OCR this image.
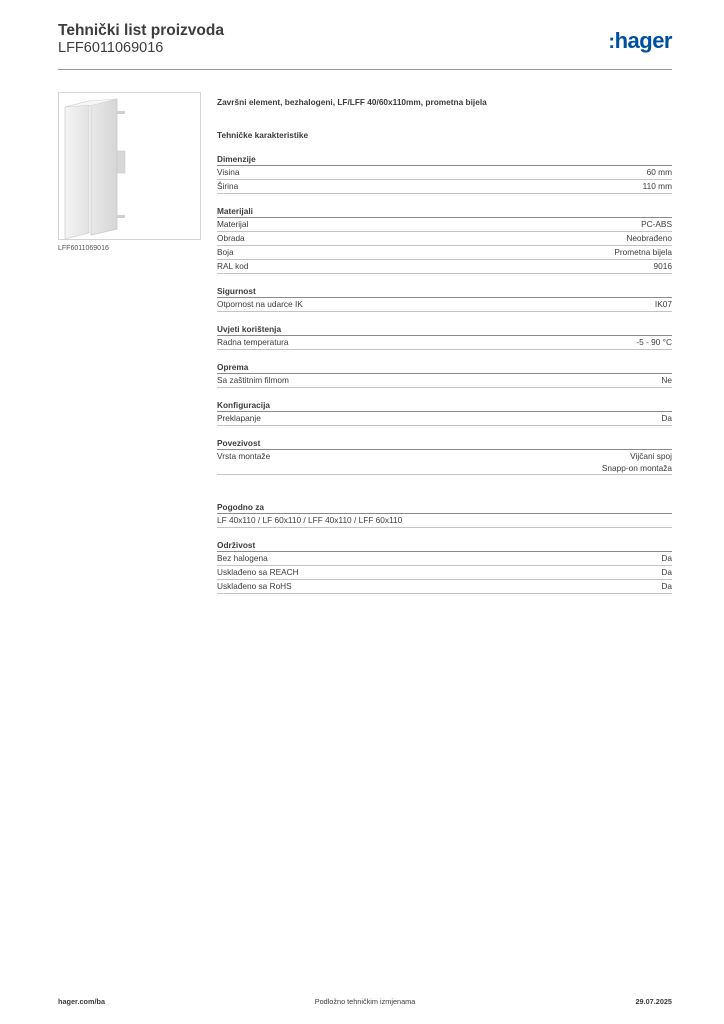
Tehnički list proizvoda
LFF6011069016	:hager
LFF6011069016
Završni element, bezhalogeni, LF/LFF 40/60x110mm, prometna bijela
Tehničke karakteristike
Dimenzije
Visina	60 mm
Širina	110 mm
Materijali
Materijal	PC-ABS
Obrada	Neobrađeno
Boja	Prometna bijela
RAL kod	9016
Sigurnost
Otpornost na udarce IK	IK07
Uvjeti korištenja
Radna temperatura	-5 - 90 °C
Oprema
Sa zaštitnim filmom	Ne
Konfiguracija
Preklapanje	Da
Povezivost
Vrsta montaže	Vijčani spoj
Snapp-on montaža
Pogodno za
LF 40x110 / LF 60x110 / LFF 40x110 / LFF 60x110
Održivost
Bez halogena	Da
Usklađeno sa REACH	Da
Usklađeno sa RoHS	Da
hager.com/ba	Podložno tehničkim izmjenama	29.07.2025
